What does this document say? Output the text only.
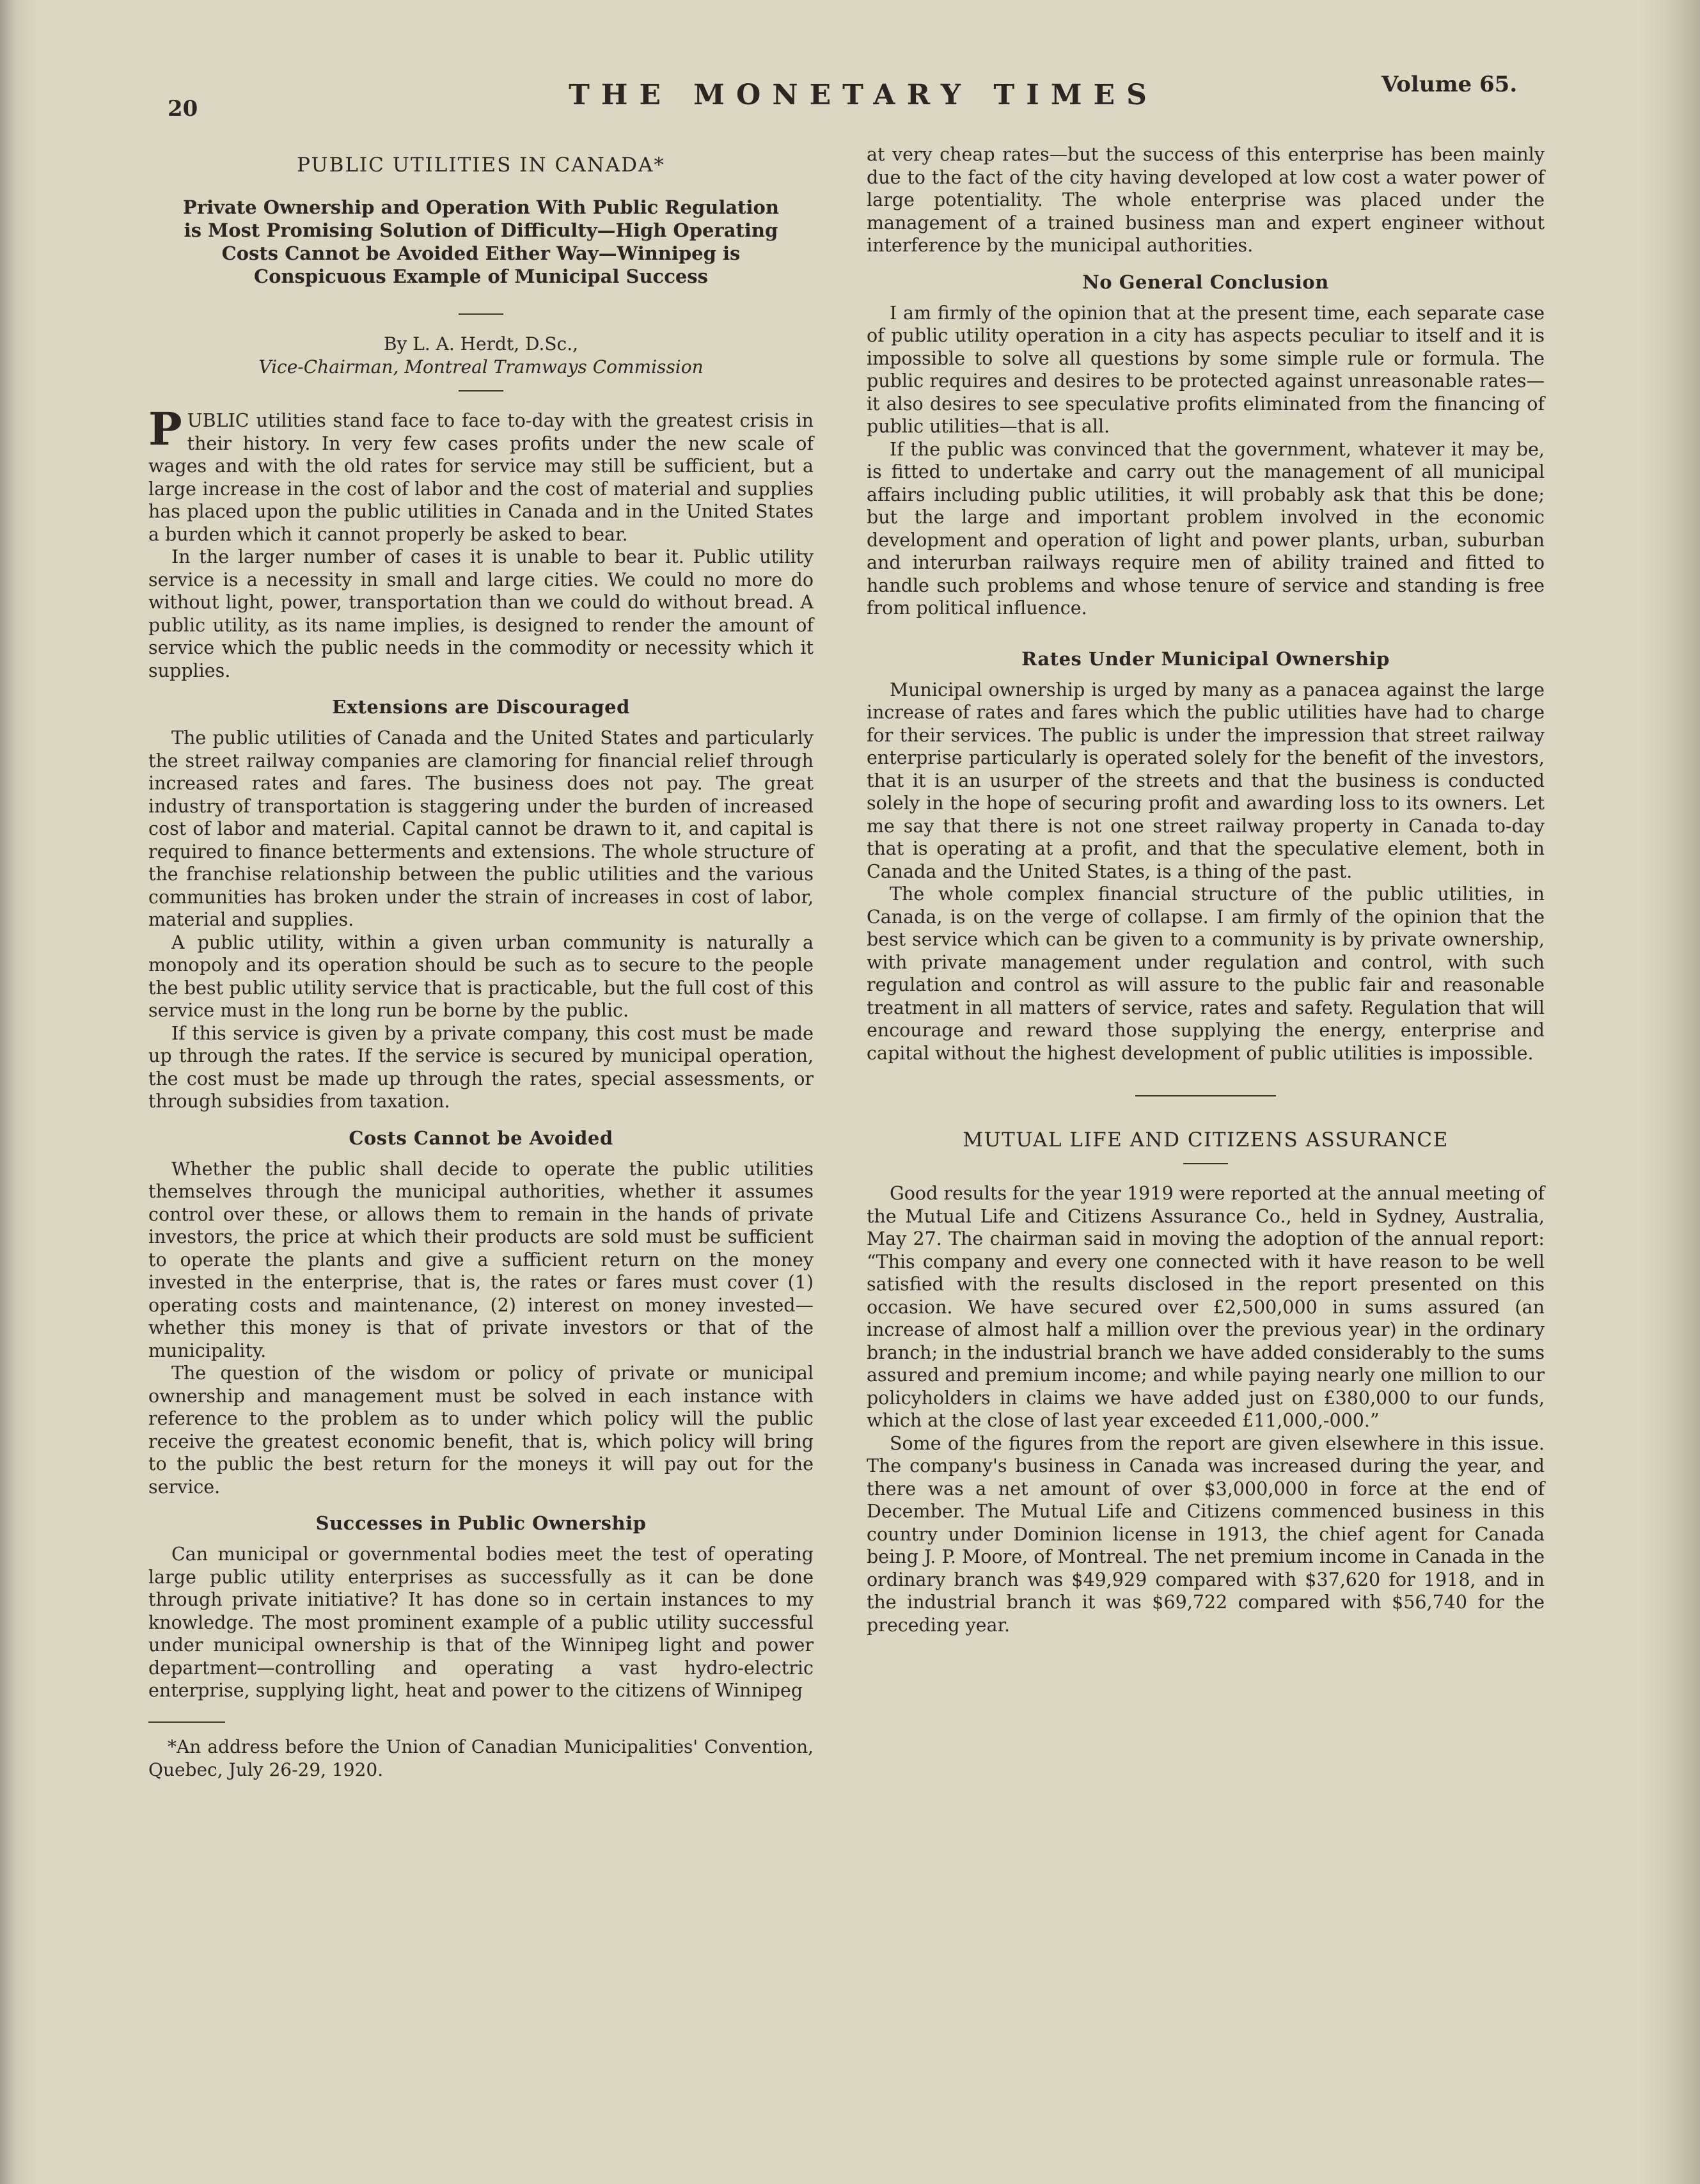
20	THE MONETARY TIMES	Volume 65.
PUBLIC UTILITIES IN CANADA*
Private Ownership and Operation With Public Regulation is Most Promising Solution of Difficulty—High Operating Costs Cannot be Avoided Either Way—Winnipeg is Conspicuous Example of Municipal Success

By L. A. Herdt, D.Sc.,

Vice-Chairman, Montreal Tramways Commission

PUBLIC utilities stand face to face to-day with the greatest crisis in their history. In very few cases profits under the new scale of wages and with the old rates for service may still be sufficient, but a large increase in the cost of labor and the cost of material and supplies has placed upon the public utilities in Canada and in the United States a burden which it cannot properly be asked to bear.

In the larger number of cases it is unable to bear it. Public utility service is a necessity in small and large cities. We could no more do without light, power, transportation than we could do without bread. A public utility, as its name implies, is designed to render the amount of service which the public needs in the commodity or necessity which it supplies.

Extensions are Discouraged

The public utilities of Canada and the United States and particularly the street railway companies are clamoring for financial relief through increased rates and fares. The business does not pay. The great industry of transportation is staggering under the burden of increased cost of labor and material. Capital cannot be drawn to it, and capital is required to finance betterments and extensions. The whole structure of the franchise relationship between the public utilities and the various communities has broken under the strain of increases in cost of labor, material and supplies.

A public utility, within a given urban community is naturally a monopoly and its operation should be such as to secure to the people the best public utility service that is practicable, but the full cost of this service must in the long run be borne by the public.

If this service is given by a private company, this cost must be made up through the rates. If the service is secured by municipal operation, the cost must be made up through the rates, special assessments, or through subsidies from taxation.

Costs Cannot be Avoided

Whether the public shall decide to operate the public utilities themselves through the municipal authorities, whether it assumes control over these, or allows them to remain in the hands of private investors, the price at which their products are sold must be sufficient to operate the plants and give a sufficient return on the money invested in the enterprise, that is, the rates or fares must cover (1) operating costs and maintenance, (2) interest on money invested—whether this money is that of private investors or that of the municipality.

The question of the wisdom or policy of private or municipal ownership and management must be solved in each instance with reference to the problem as to under which policy will the public receive the greatest economic benefit, that is, which policy will bring to the public the best return for the moneys it will pay out for the service.

Successes in Public Ownership

Can municipal or governmental bodies meet the test of operating large public utility enterprises as successfully as it can be done through private initiative? It has done so in certain instances to my knowledge. The most prominent example of a public utility successful under municipal ownership is that of the Winnipeg light and power department—controlling and operating a vast hydro-electric enterprise, supplying light, heat and power to the citizens of Winnipeg

*An address before the Union of Canadian Municipalities' Convention, Quebec, July 26-29, 1920.

at very cheap rates—but the success of this enterprise has been mainly due to the fact of the city having developed at low cost a water power of large potentiality. The whole enterprise was placed under the management of a trained business man and expert engineer without interference by the municipal authorities.

No General Conclusion

I am firmly of the opinion that at the present time, each separate case of public utility operation in a city has aspects peculiar to itself and it is impossible to solve all questions by some simple rule or formula. The public requires and desires to be protected against unreasonable rates—it also desires to see speculative profits eliminated from the financing of public utilities—that is all.

If the public was convinced that the government, whatever it may be, is fitted to undertake and carry out the management of all municipal affairs including public utilities, it will probably ask that this be done; but the large and important problem involved in the economic development and operation of light and power plants, urban, suburban and interurban railways require men of ability trained and fitted to handle such problems and whose tenure of service and standing is free from political influence.

Rates Under Municipal Ownership

Municipal ownership is urged by many as a panacea against the large increase of rates and fares which the public utilities have had to charge for their services. The public is under the impression that street railway enterprise particularly is operated solely for the benefit of the investors, that it is an usurper of the streets and that the business is conducted solely in the hope of securing profit and awarding loss to its owners. Let me say that there is not one street railway property in Canada to-day that is operating at a profit, and that the speculative element, both in Canada and the United States, is a thing of the past.

The whole complex financial structure of the public utilities, in Canada, is on the verge of collapse. I am firmly of the opinion that the best service which can be given to a community is by private ownership, with private management under regulation and control, with such regulation and control as will assure to the public fair and reasonable treatment in all matters of service, rates and safety. Regulation that will encourage and reward those supplying the energy, enterprise and capital without the highest development of public utilities is impossible.

MUTUAL LIFE AND CITIZENS ASSURANCE

Good results for the year 1919 were reported at the annual meeting of the Mutual Life and Citizens Assurance Co., held in Sydney, Australia, May 27. The chairman said in moving the adoption of the annual report: “This company and every one connected with it have reason to be well satisfied with the results disclosed in the report presented on this occasion. We have secured over £2,500,000 in sums assured (an increase of almost half a million over the previous year) in the ordinary branch; in the industrial branch we have added considerably to the sums assured and premium income; and while paying nearly one million to our policyholders in claims we have added just on £380,000 to our funds, which at the close of last year exceeded £11,000,-000.”

Some of the figures from the report are given elsewhere in this issue. The company's business in Canada was increased during the year, and there was a net amount of over $3,000,000 in force at the end of December. The Mutual Life and Citizens commenced business in this country under Dominion license in 1913, the chief agent for Canada being J. P. Moore, of Montreal. The net premium income in Canada in the ordinary branch was $49,929 compared with $37,620 for 1918, and in the industrial branch it was $69,722 compared with $56,740 for the preceding year.
